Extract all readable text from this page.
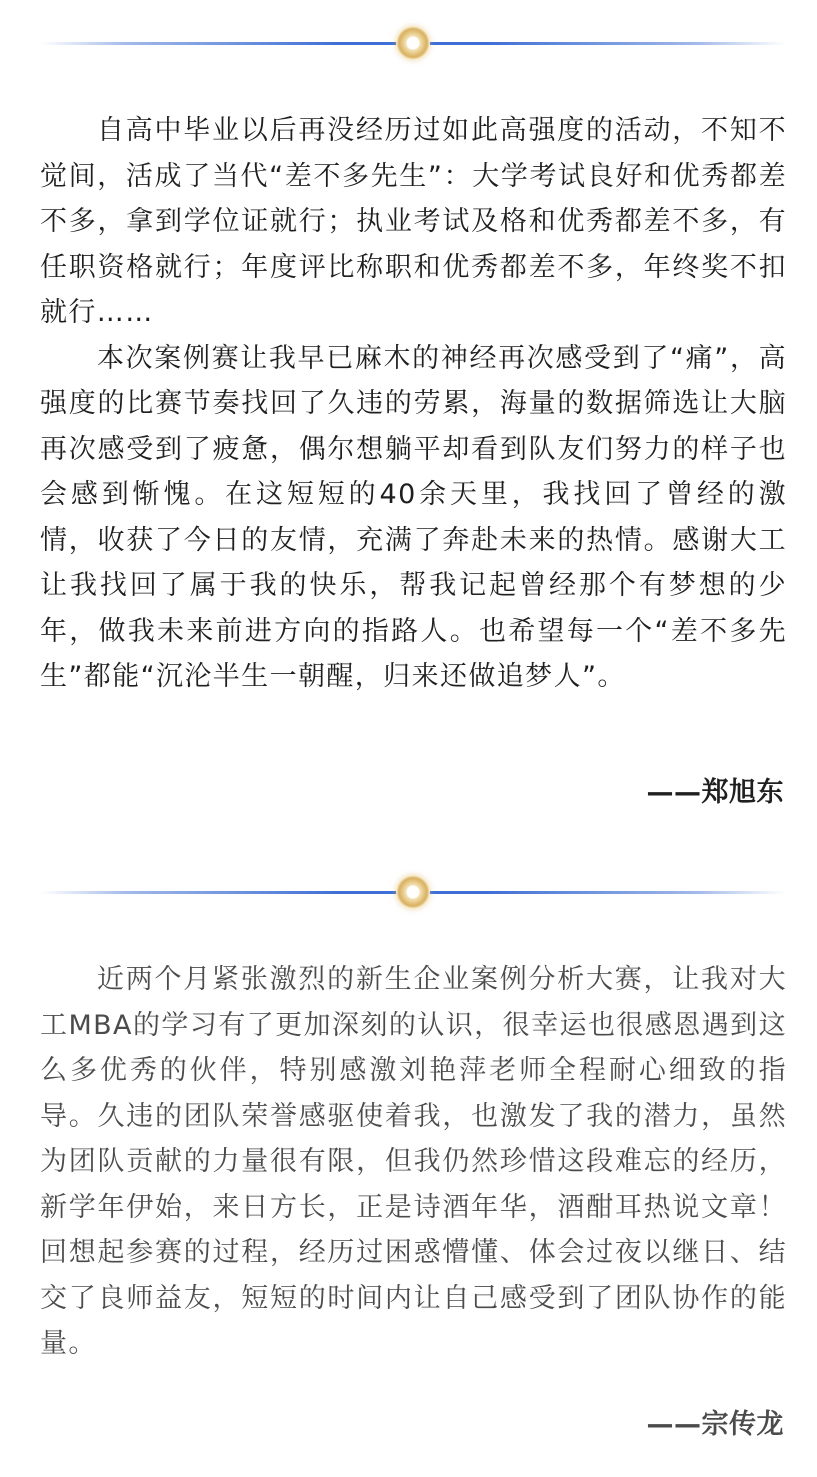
自高中毕业以后再没经历过如此高强度的活动，不知不觉间，活成了当代“差不多先生”：大学考试良好和优秀都差不多，拿到学位证就行；执业考试及格和优秀都差不多，有任职资格就行；年度评比称职和优秀都差不多，年终奖不扣就行……

本次案例赛让我早已麻木的神经再次感受到了“痛”，高强度的比赛节奏找回了久违的劳累，海量的数据筛选让大脑再次感受到了疲惫，偶尔想躺平却看到队友们努力的样子也会感到惭愧。在这短短的40余天里，我找回了曾经的激情，收获了今日的友情，充满了奔赴未来的热情。感谢大工让我找回了属于我的快乐，帮我记起曾经那个有梦想的少年，做我未来前进方向的指路人。也希望每一个“差不多先生”都能“沉沦半生一朝醒，归来还做追梦人”。

——郑旭东

近两个月紧张激烈的新生企业案例分析大赛，让我对大工MBA的学习有了更加深刻的认识，很幸运也很感恩遇到这么多优秀的伙伴，特别感激刘艳萍老师全程耐心细致的指导。久违的团队荣誉感驱使着我，也激发了我的潜力，虽然为团队贡献的力量很有限，但我仍然珍惜这段难忘的经历，新学年伊始，来日方长，正是诗酒年华，酒酣耳热说文章！回想起参赛的过程，经历过困惑懵懂、体会过夜以继日、结交了良师益友，短短的时间内让自己感受到了团队协作的能量。

——宗传龙
